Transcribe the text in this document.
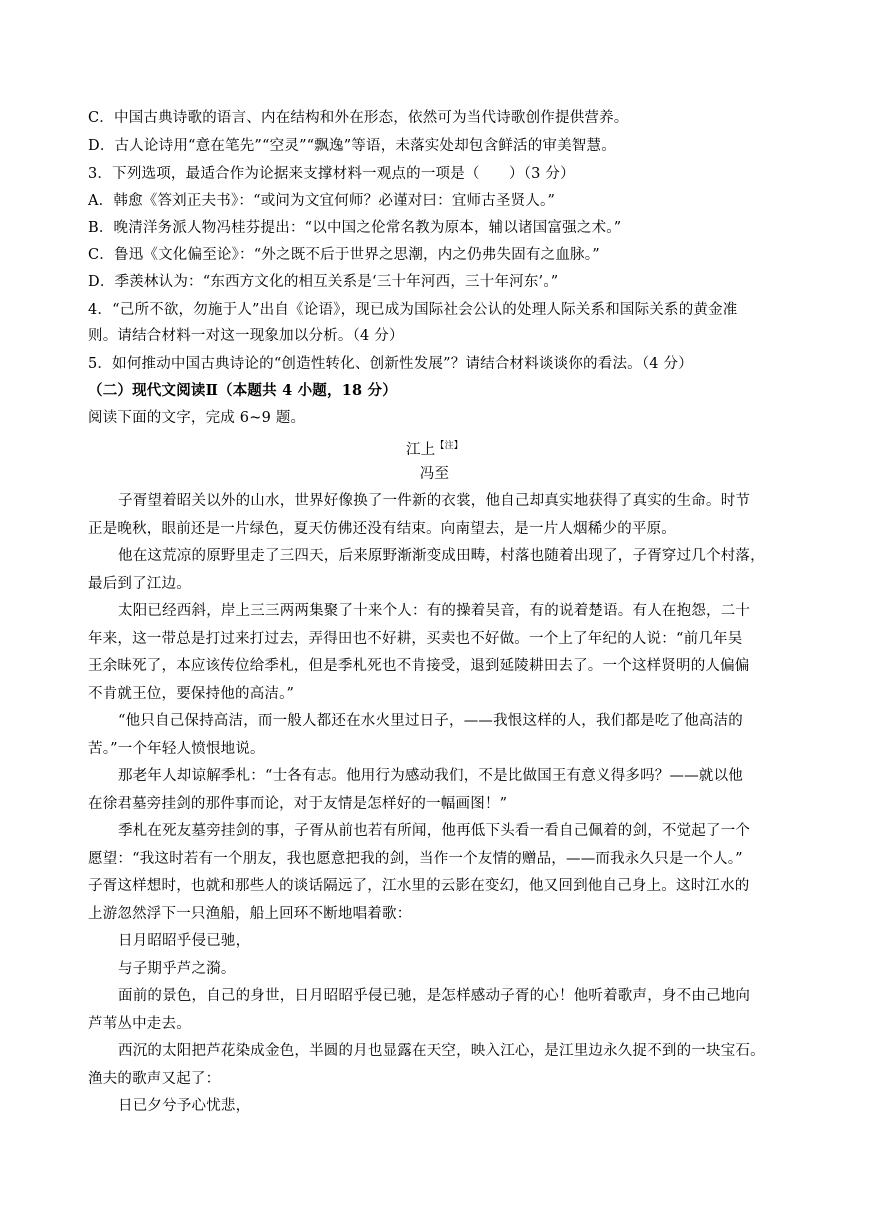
C．中国古典诗歌的语言、内在结构和外在形态，依然可为当代诗歌创作提供营养。
D．古人论诗用“意在笔先”“空灵”“飘逸”等语，未落实处却包含鲜活的审美智慧。
3．下列选项，最适合作为论据来支撑材料一观点的一项是（　　）（3 分）
A．韩愈《答刘正夫书》：“或问为文宜何师？必谨对曰：宜师古圣贤人。”
B．晚清洋务派人物冯桂芬提出：“以中国之伦常名教为原本，辅以诸国富强之术。”
C．鲁迅《文化偏至论》：“外之既不后于世界之思潮，内之仍弗失固有之血脉。”
D．季羡林认为：“东西方文化的相互关系是‘三十年河西，三十年河东’。”
4．“己所不欲，勿施于人”出自《论语》，现已成为国际社会公认的处理人际关系和国际关系的黄金准
则。请结合材料一对这一现象加以分析。（4 分）
5．如何推动中国古典诗论的“创造性转化、创新性发展”？请结合材料谈谈你的看法。（4 分）
（二）现代文阅读Ⅱ（本题共 4 小题，18 分）
阅读下面的文字，完成 6~9 题。
江上$^{【注】}$
冯至
子胥望着昭关以外的山水，世界好像换了一件新的衣裳，他自己却真实地获得了真实的生命。时节
正是晚秋，眼前还是一片绿色，夏天仿佛还没有结束。向南望去，是一片人烟稀少的平原。
他在这荒凉的原野里走了三四天，后来原野渐渐变成田畴，村落也随着出现了，子胥穿过几个村落，
最后到了江边。
太阳已经西斜，岸上三三两两集聚了十来个人：有的操着吴音，有的说着楚语。有人在抱怨，二十
年来，这一带总是打过来打过去，弄得田也不好耕，买卖也不好做。一个上了年纪的人说：“前几年吴
王余昧死了，本应该传位给季札，但是季札死也不肯接受，退到延陵耕田去了。一个这样贤明的人偏偏
不肯就王位，要保持他的高洁。”
“他只自己保持高洁，而一般人都还在水火里过日子，——我恨这样的人，我们都是吃了他高洁的
苦。”一个年轻人愤恨地说。
那老年人却谅解季札：“士各有志。他用行为感动我们，不是比做国王有意义得多吗？——就以他
在徐君墓旁挂剑的那件事而论，对于友情是怎样好的一幅画图！”
季札在死友墓旁挂剑的事，子胥从前也若有所闻，他再低下头看一看自己佩着的剑，不觉起了一个
愿望：“我这时若有一个朋友，我也愿意把我的剑，当作一个友情的赠品，——而我永久只是一个人。”
子胥这样想时，也就和那些人的谈话隔远了，江水里的云影在变幻，他又回到他自己身上。这时江水的
上游忽然浮下一只渔船，船上回环不断地唱着歌：
日月昭昭乎侵已驰，
与子期乎芦之漪。
面前的景色，自己的身世，日月昭昭乎侵已驰，是怎样感动子胥的心！他听着歌声，身不由己地向
芦苇丛中走去。
西沉的太阳把芦花染成金色，半圆的月也显露在天空，映入江心，是江里边永久捉不到的一块宝石。
渔夫的歌声又起了：
日已夕兮予心忧悲，
